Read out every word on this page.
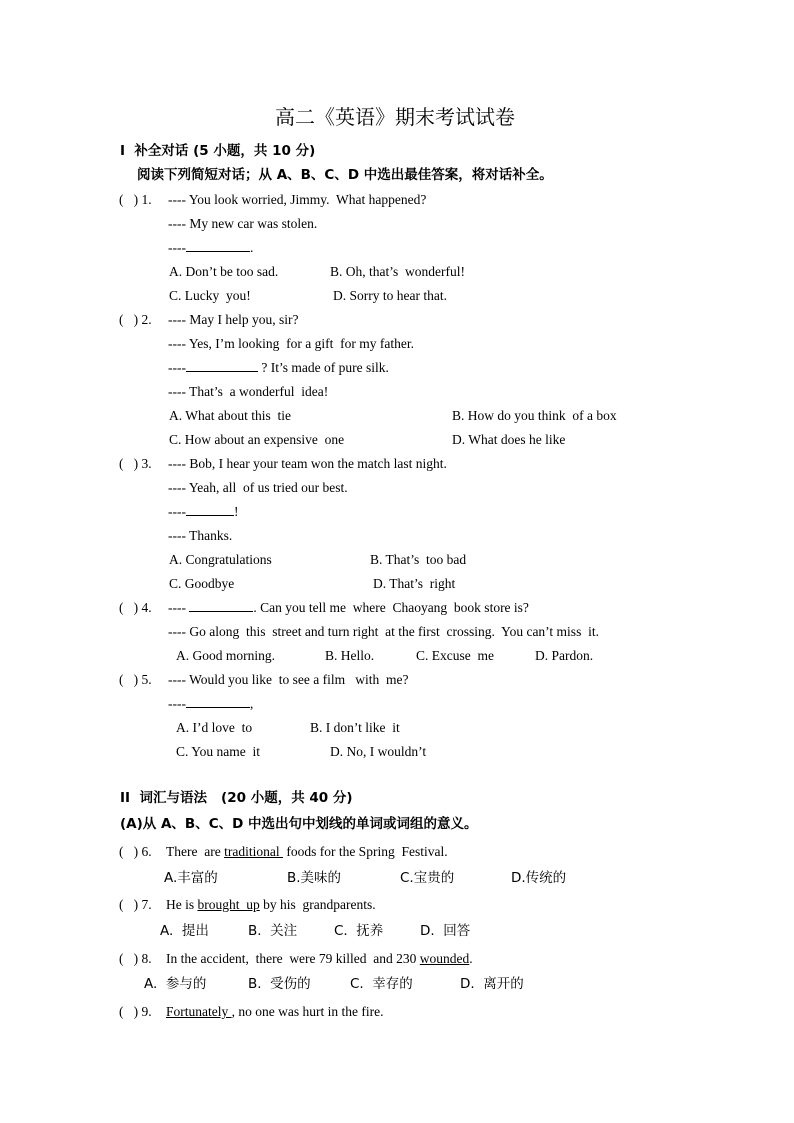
高二《英语》期末考试试卷
I  补全对话 (5 小题，共 10 分)
阅读下列简短对话；从 A、B、C、D 中选出最佳答案，将对话补全。
(   ) 1. ---- You look worried, Jimmy.  What happened?
---- My new car was stolen.
----	.
A. Don’t be too sad.	B. Oh, that’s  wonderful!
C. Lucky  you!	D. Sorry to hear that.
(   ) 2. ---- May I help you, sir?
---- Yes, I’m looking  for a gift  for my father.
----	? It’s made of pure silk.
---- That’s  a wonderful  idea!
A. What about this  tie	B. How do you think  of a box
C. How about an expensive  one	D. What does he like
(   ) 3. ---- Bob, I hear your team won the match last night.
---- Yeah, all  of us tried our best.
----	!
---- Thanks.
A. Congratulations	B. That’s  too bad
C. Goodbye	D. That’s  right
(   ) 4. ----	. Can you tell me  where  Chaoyang  book store is?
---- Go along  this  street and turn right  at the first  crossing.  You can’t miss  it.
A. Good morning.	B. Hello.	C. Excuse  me	D. Pardon.
(   ) 5. ---- Would you like  to see a film   with  me?
----	,
A. I’d love  to	B. I don’t like  it
C. You name  it	D. No, I wouldn’t
II  词汇与语法   (20 小题，共 40 分)
(A)从 A、B、C、D 中选出句中划线的单词或词组的意义。
(   ) 6. There  are traditional  foods for the Spring  Festival.
A.丰富的	B.美味的	C.宝贵的	D.传统的
(   ) 7. He is brought  up by his  grandparents.
A.  提出	B.  关注	C.  抚养	D.  回答
(   ) 8. In the accident,  there  were 79 killed  and 230 wounded.
A.  参与的	B.  受伤的	C.  幸存的	D.  离开的
(   ) 9. Fortunately , no one was hurt in the fire.
